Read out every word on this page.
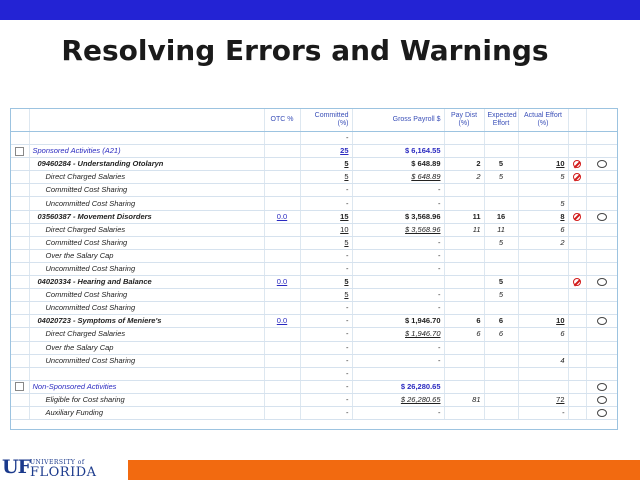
Resolving Errors and Warnings
		OTC %	Committed (%)	Gross Payroll $	Pay Dist (%)	Expected Effort	Actual Effort (%)		
			-						
	Sponsored Activities (A21)		25	$ 6,164.55					
	09460284 - Understanding Otolaryn		5	$ 648.89	2	5	10		
	Direct Charged Salaries		5	$ 648.89	2	5	5		
	Committed Cost Sharing		-	-					
	Uncommitted Cost Sharing		-	-			5		
	03560387 - Movement Disorders	0.0	15	$ 3,568.96	11	16	8		
	Direct Charged Salaries		10	$ 3,568.96	11	11	6		
	Committed Cost Sharing		5	-		5	2		
	Over the Salary Cap		-	-					
	Uncommitted Cost Sharing		-	-					
	04020334 - Hearing and Balance	0.0	5			5			
	Committed Cost Sharing		5	-		5			
	Uncommitted Cost Sharing		-	-					
	04020723 - Symptoms of Meniere's	0.0	-	$ 1,946.70	6	6	10		
	Direct Charged Salaries		-	$ 1,946.70	6	6	6		
	Over the Salary Cap		-	-					
	Uncommitted Cost Sharing		-	-			4		
			-						
	Non-Sponsored Activities		-	$ 26,280.65					
	Eligible for Cost sharing		-	$ 26,280.65	81		72		
	Auxiliary Funding		-	-			-		
UF UNIVERSITY of
FLORIDA
